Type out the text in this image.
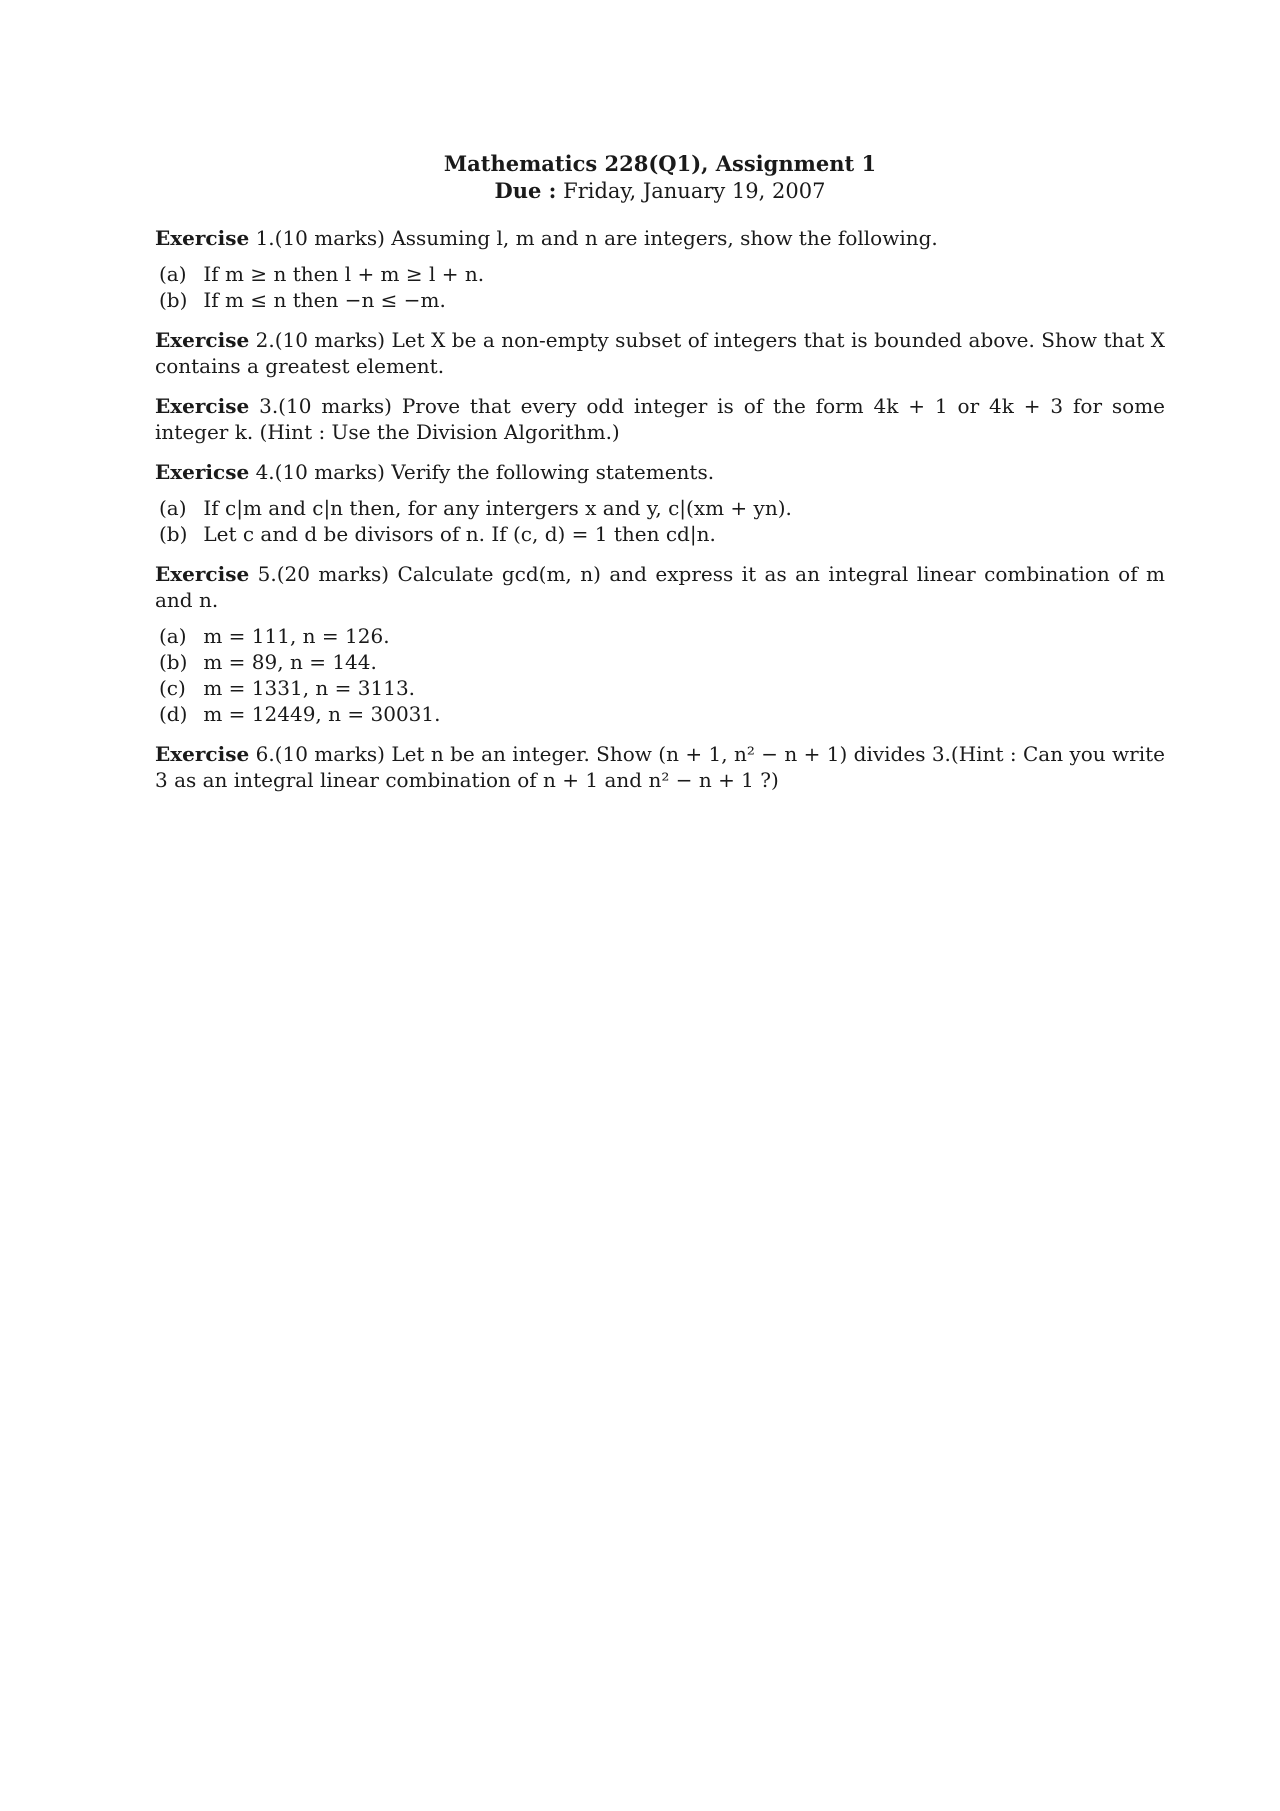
Mathematics 228(Q1), Assignment 1
Due : Friday, January 19, 2007

Exercise 1.(10 marks) Assuming l, m and n are integers, show the following.

(a) If m ≥ n then l + m ≥ l + n.
(b) If m ≤ n then −n ≤ −m.

Exercise 2.(10 marks) Let X be a non-empty subset of integers that is bounded above. Show that X contains a greatest element.

Exercise 3.(10 marks) Prove that every odd integer is of the form 4k + 1 or 4k + 3 for some integer k. (Hint : Use the Division Algorithm.)

Exericse 4.(10 marks) Verify the following statements.

(a) If c|m and c|n then, for any intergers x and y, c|(xm + yn).
(b) Let c and d be divisors of n. If (c, d) = 1 then cd|n.

Exercise 5.(20 marks) Calculate gcd(m, n) and express it as an integral linear combination of m and n.

(a) m = 111, n = 126.
(b) m = 89, n = 144.
(c) m = 1331, n = 3113.
(d) m = 12449, n = 30031.

Exercise 6.(10 marks) Let n be an integer. Show (n + 1, n² − n + 1) divides 3.(Hint : Can you write 3 as an integral linear combination of n + 1 and n² − n + 1 ?)
